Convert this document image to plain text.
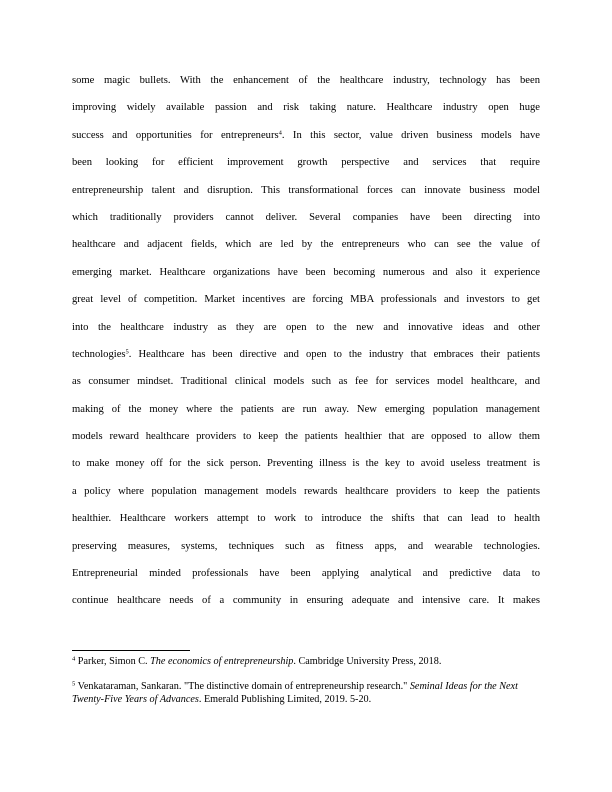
some magic bullets. With the enhancement of the healthcare industry, technology has been
improving widely available passion and risk taking nature. Healthcare industry open huge
success and opportunities for entrepreneurs$^4$. In this sector, value driven business models have
been looking for efficient improvement growth perspective and services that require
entrepreneurship talent and disruption. This transformational forces can innovate business model
which traditionally providers cannot deliver. Several companies have been directing into
healthcare and adjacent fields, which are led by the entrepreneurs who can see the value of
emerging market. Healthcare organizations have been becoming numerous and also it experience
great level of competition. Market incentives are forcing MBA professionals and investors to get
into the healthcare industry as they are open to the new and innovative ideas and other
technologies$^5$. Healthcare has been directive and open to the industry that embraces their patients
as consumer mindset. Traditional clinical models such as fee for services model healthcare, and
making of the money where the patients are run away. New emerging population management
models reward healthcare providers to keep the patients healthier that are opposed to allow them
to make money off for the sick person. Preventing illness is the key to avoid useless treatment is
a policy where population management models rewards healthcare providers to keep the patients
healthier. Healthcare workers attempt to work to introduce the shifts that can lead to health
preserving measures, systems, techniques such as fitness apps, and wearable technologies.
Entrepreneurial minded professionals have been applying analytical and predictive data to
continue healthcare needs of a community in ensuring adequate and intensive care. It makes

$^4$ Parker, Simon C. The economics of entrepreneurship. Cambridge University Press, 2018.

$^5$ Venkataraman, Sankaran. "The distinctive domain of entrepreneurship research." Seminal Ideas for the Next Twenty-Five Years of Advances. Emerald Publishing Limited, 2019. 5-20.
